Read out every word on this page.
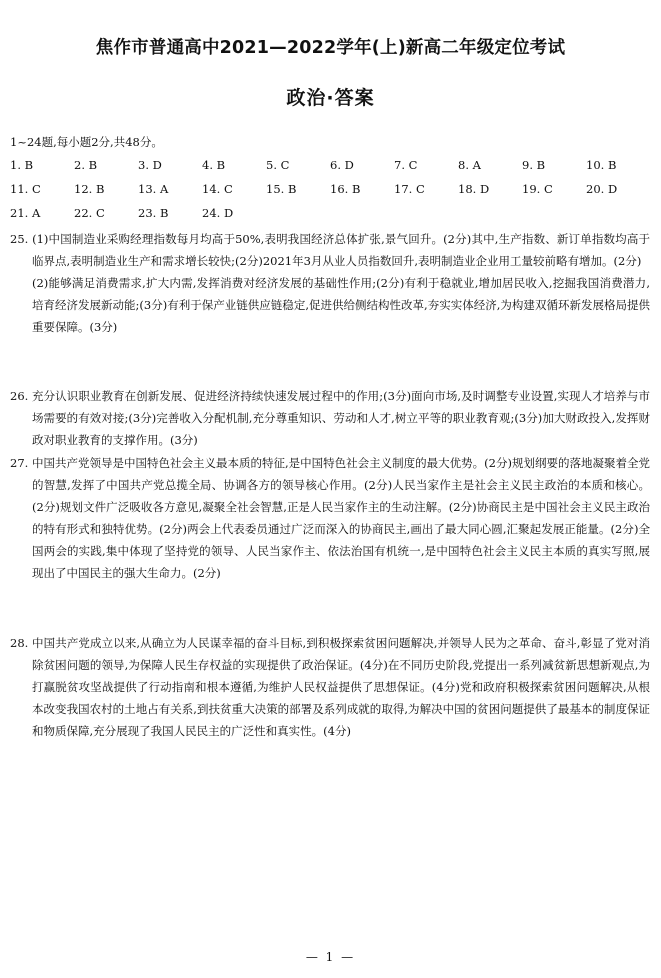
焦作市普通高中2021—2022学年(上)新高二年级定位考试
政治·答案
1~24题,每小题2分,共48分。
1. B	2. B	3. D	4. B	5. C	6. D	7. C	8. A	9. B	10. B
11. C	12. B	13. A	14. C	15. B	16. B	17. C	18. D	19. C	20. D
21. A	22. C	23. B	24. D

25. (1)中国制造业采购经理指数每月均高于50%,表明我国经济总体扩张,景气回升。(2分)其中,生产指数、新订单指数均高于临界点,表明制造业生产和需求增长较快;(2分)2021年3月从业人员指数回升,表明制造业企业用工量较前略有增加。(2分)

(2)能够满足消费需求,扩大内需,发挥消费对经济发展的基础性作用;(2分)有利于稳就业,增加居民收入,挖掘我国消费潜力,培育经济发展新动能;(3分)有利于保产业链供应链稳定,促进供给侧结构性改革,夯实实体经济,为构建双循环新发展格局提供重要保障。(3分)

26. 充分认识职业教育在创新发展、促进经济持续快速发展过程中的作用;(3分)面向市场,及时调整专业设置,实现人才培养与市场需要的有效对接;(3分)完善收入分配机制,充分尊重知识、劳动和人才,树立平等的职业教育观;(3分)加大财政投入,发挥财政对职业教育的支撑作用。(3分)

27. 中国共产党领导是中国特色社会主义最本质的特征,是中国特色社会主义制度的最大优势。(2分)规划纲要的落地凝聚着全党的智慧,发挥了中国共产党总揽全局、协调各方的领导核心作用。(2分)人民当家作主是社会主义民主政治的本质和核心。(2分)规划文件广泛吸收各方意见,凝聚全社会智慧,正是人民当家作主的生动注解。(2分)协商民主是中国社会主义民主政治的特有形式和独特优势。(2分)两会上代表委员通过广泛而深入的协商民主,画出了最大同心圆,汇聚起发展正能量。(2分)全国两会的实践,集中体现了坚持党的领导、人民当家作主、依法治国有机统一,是中国特色社会主义民主本质的真实写照,展现出了中国民主的强大生命力。(2分)

28. 中国共产党成立以来,从确立为人民谋幸福的奋斗目标,到积极探索贫困问题解决,并领导人民为之革命、奋斗,彰显了党对消除贫困问题的领导,为保障人民生存权益的实现提供了政治保证。(4分)在不同历史阶段,党提出一系列减贫新思想新观点,为打赢脱贫攻坚战提供了行动指南和根本遵循,为维护人民权益提供了思想保证。(4分)党和政府积极探索贫困问题解决,从根本改变我国农村的土地占有关系,到扶贫重大决策的部署及系列成就的取得,为解决中国的贫困问题提供了最基本的制度保证和物质保障,充分展现了我国人民民主的广泛性和真实性。(4分)

— 1 —
